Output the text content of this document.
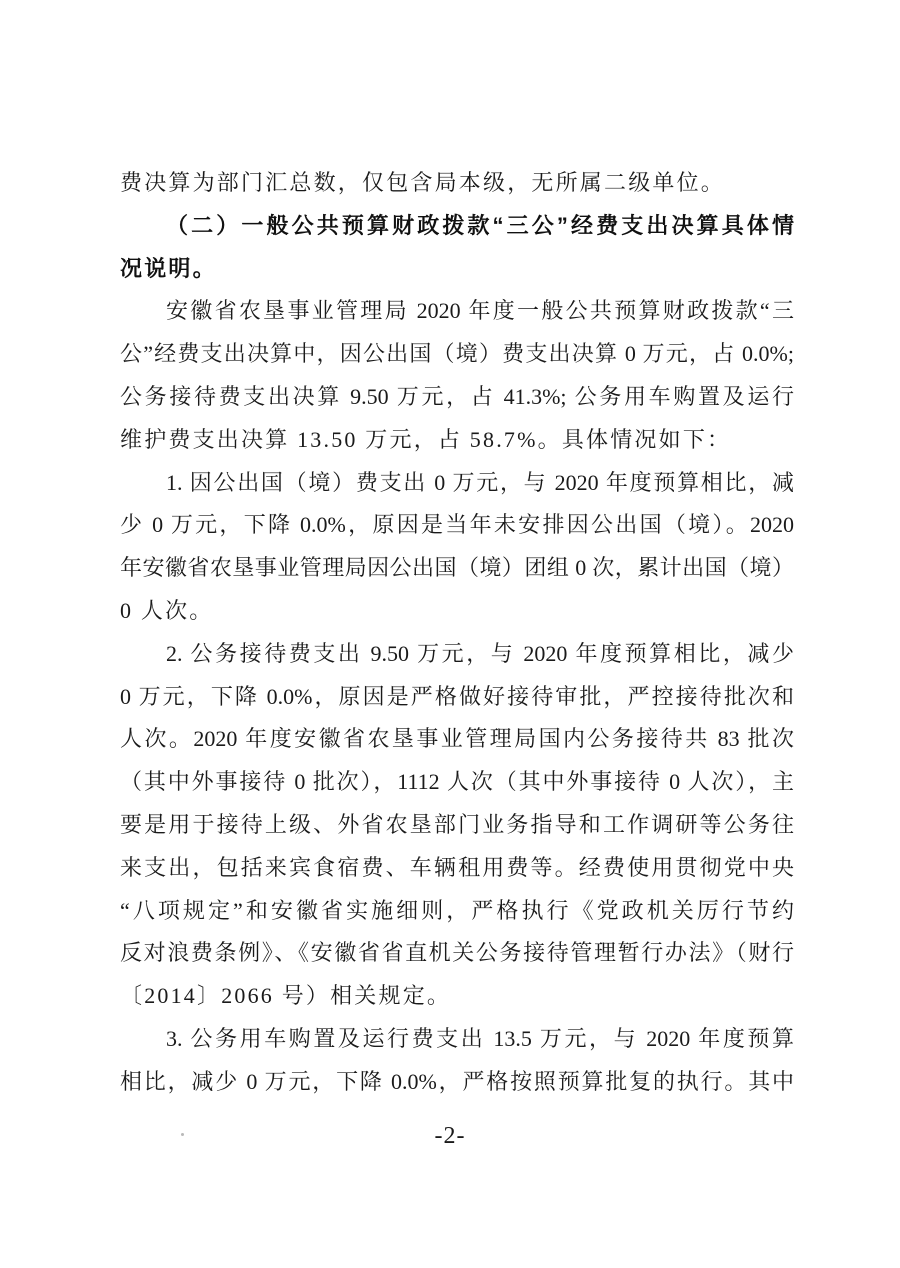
费决算为部门汇总数，仅包含局本级，无所属二级单位。
（二）一般公共预算财政拨款“三公”经费支出决算具体情
况说明。
安徽省农垦事业管理局 2020 年度一般公共预算财政拨款“三
公”经费支出决算中，因公出国（境）费支出决算 0 万元，占 0.0%;
公务接待费支出决算 9.50 万元，占 41.3%; 公务用车购置及运行
维护费支出决算 13.50 万元，占 58.7%。具体情况如下：
1. 因公出国（境）费支出 0 万元，与 2020 年度预算相比，减
少 0 万元，下降 0.0%，原因是当年未安排因公出国（境）。2020
年安徽省农垦事业管理局因公出国（境）团组 0 次，累计出国（境）
0 人次。
2. 公务接待费支出 9.50 万元，与 2020 年度预算相比，减少
0 万元，下降 0.0%，原因是严格做好接待审批，严控接待批次和
人次。2020 年度安徽省农垦事业管理局国内公务接待共 83 批次
（其中外事接待 0 批次），1112 人次（其中外事接待 0 人次），主
要是用于接待上级、外省农垦部门业务指导和工作调研等公务往
来支出，包括来宾食宿费、车辆租用费等。经费使用贯彻党中央
“八项规定”和安徽省实施细则，严格执行《党政机关厉行节约
反对浪费条例》、《安徽省省直机关公务接待管理暂行办法》（财行
〔2014〕2066 号）相关规定。
3. 公务用车购置及运行费支出 13.5 万元，与 2020 年度预算
相比，减少 0 万元，下降 0.0%，严格按照预算批复的执行。其中
-2-
